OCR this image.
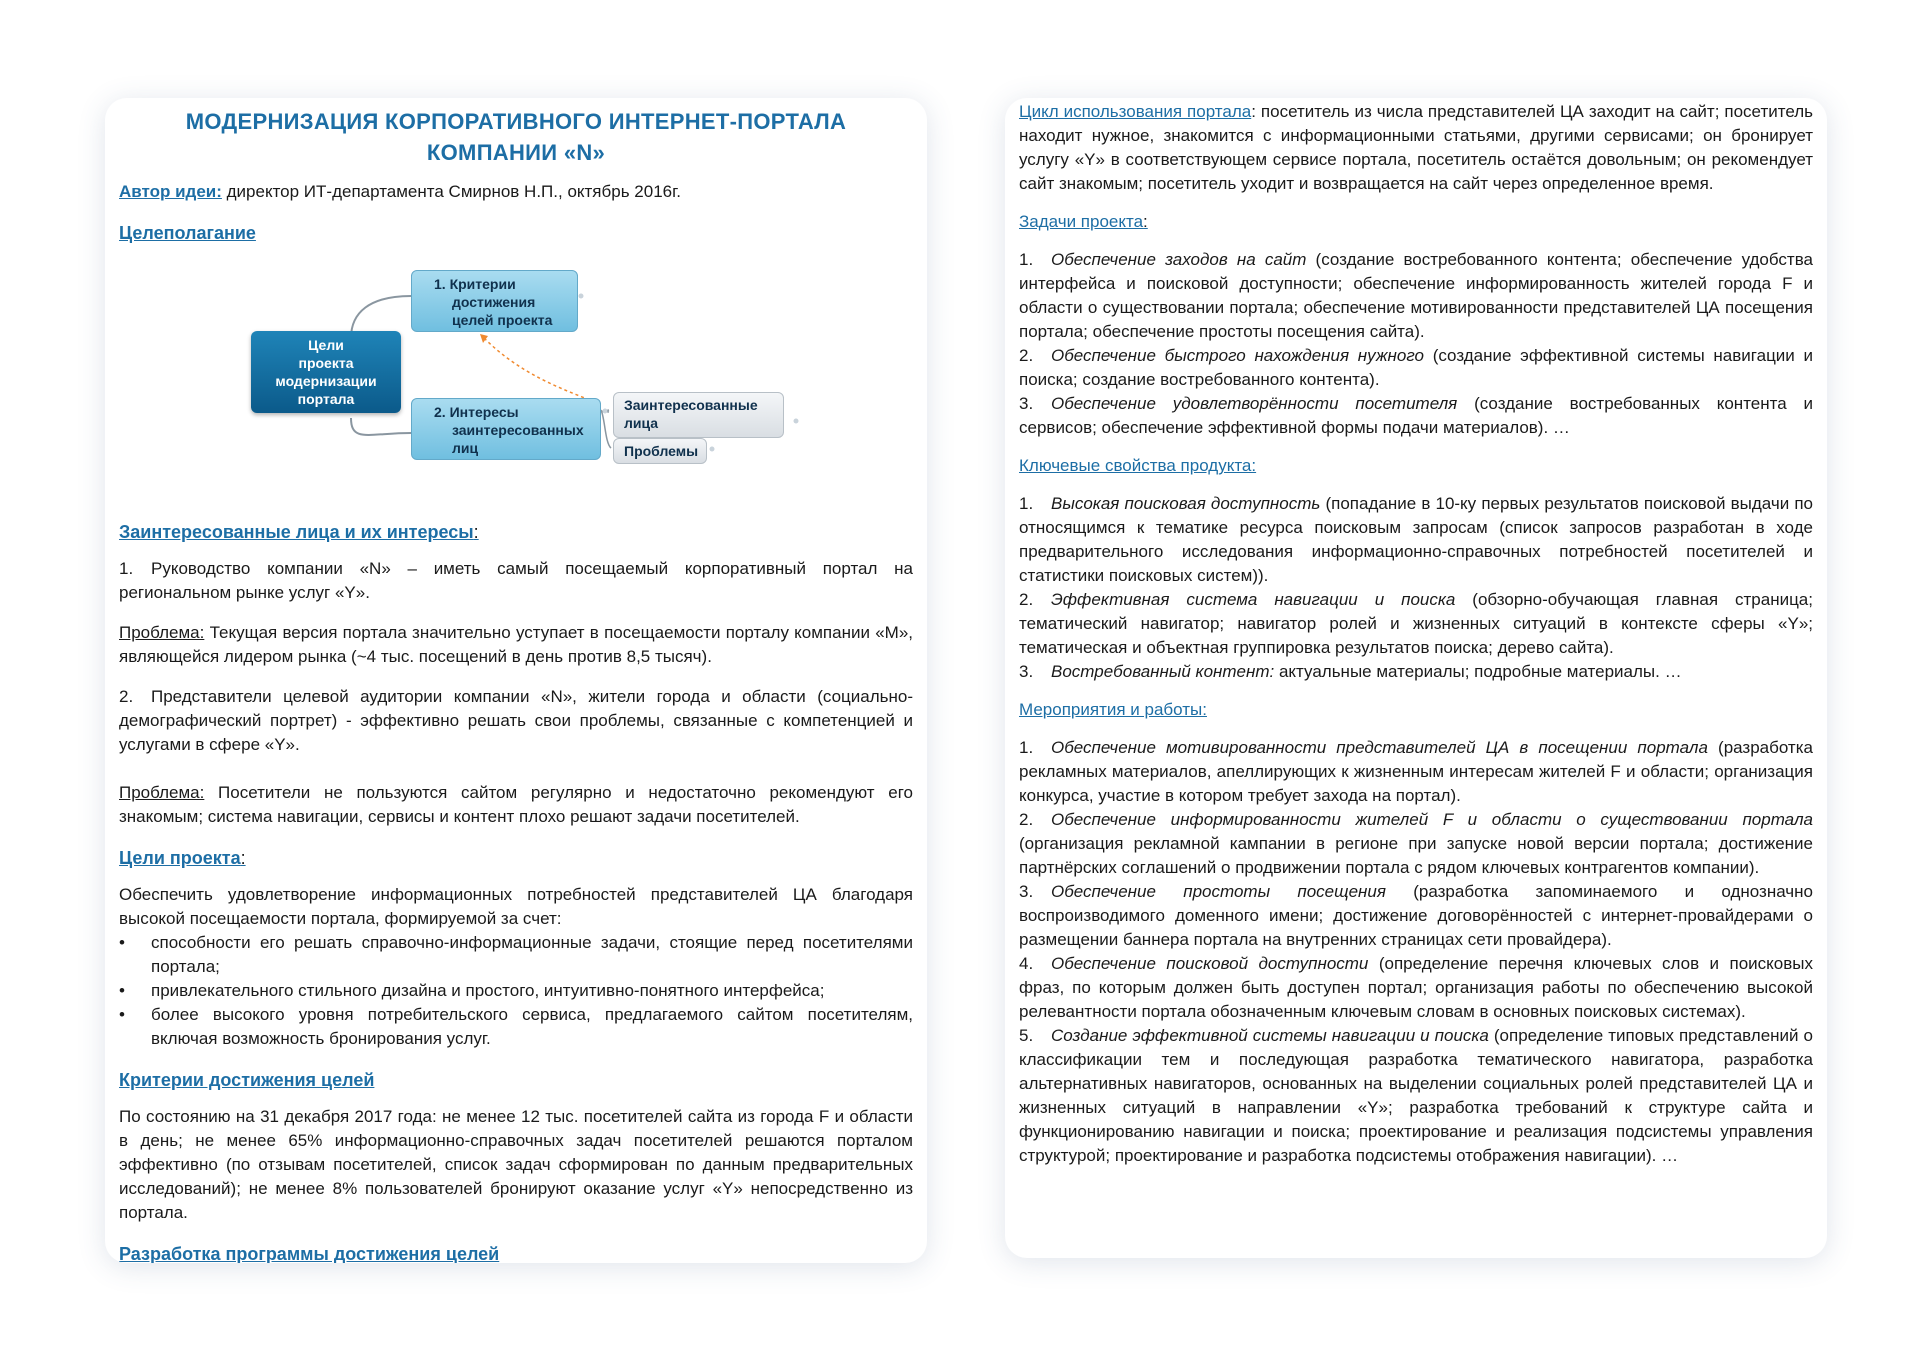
МОДЕРНИЗАЦИЯ КОРПОРАТИВНОГО ИНТЕРНЕТ-ПОРТАЛА
КОМПАНИИ «N»

Автор идеи: директор ИТ-департамента Смирнов Н.П., октябрь 2016г.

Целеполагание
Цели
проекта
модернизации
портала
1. Критерии
достижения
целей проекта
2. Интересы
заинтересованных
лиц
Заинтересованные
лица
Проблемы
Заинтересованные лица и их интересы:

1. Руководство компании «N» – иметь самый посещаемый корпоративный портал на региональном рынке услуг «Y».

Проблема: Текущая версия портала значительно уступает в посещаемости порталу компании «M», являющейся лидером рынка (~4 тыс. посещений в день против 8,5 тысяч).

2. Представители целевой аудитории компании «N», жители города и области (социально-демографический портрет) - эффективно решать свои проблемы, связанные с компетенцией и услугами в сфере «Y».

Проблема: Посетители не пользуются сайтом регулярно и недостаточно рекомендуют его знакомым; система навигации, сервисы и контент плохо решают задачи посетителей.

Цели проекта:

Обеспечить удовлетворение информационных потребностей представителей ЦА благодаря высокой посещаемости портала, формируемой за счет:

•	способности его решать справочно-информационные задачи, стоящие перед посетителями портала;
•	привлекательного стильного дизайна и простого, интуитивно-понятного интерфейса;
•	более высокого уровня потребительского сервиса, предлагаемого сайтом посетителям, включая возможность бронирования услуг.
Критерии достижения целей

По состоянию на 31 декабря 2017 года: не менее 12 тыс. посетителей сайта из города F и области в день; не менее 65% информационно-справочных задач посетителей решаются порталом эффективно (по отзывам посетителей, список задач сформирован по данным предварительных исследований); не менее 8% пользователей бронируют оказание услуг «Y» непосредственно из портала.

Разработка программы достижения целей

Цикл использования портала: посетитель из числа представителей ЦА заходит на сайт; посетитель находит нужное, знакомится с информационными статьями, другими сервисами; он бронирует услугу «Y» в соответствующем сервисе портала, посетитель остаётся довольным; он рекомендует сайт знакомым; посетитель уходит и возвращается на сайт через определенное время.

Задачи проекта:

1. Обеспечение заходов на сайт (создание востребованного контента; обеспечение удобства интерфейса и поисковой доступности; обеспечение информированность жителей города F и области о существовании портала; обеспечение мотивированности представителей ЦА посещения портала; обеспечение простоты посещения сайта).

2. Обеспечение быстрого нахождения нужного (создание эффективной системы навигации и поиска; создание востребованного контента).

3. Обеспечение удовлетворённости посетителя (создание востребованных контента и сервисов; обеспечение эффективной формы подачи материалов). …

Ключевые свойства продукта:

1. Высокая поисковая доступность (попадание в 10-ку первых результатов поисковой выдачи по относящимся к тематике ресурса поисковым запросам (список запросов разработан в ходе предварительного исследования информационно-справочных потребностей посетителей и статистики поисковых систем)).

2. Эффективная система навигации и поиска (обзорно-обучающая главная страница; тематический навигатор; навигатор ролей и жизненных ситуаций в контексте сферы «Y»; тематическая и объектная группировка результатов поиска; дерево сайта).

3. Востребованный контент: актуальные материалы; подробные материалы. …

Мероприятия и работы:

1. Обеспечение мотивированности представителей ЦА в посещении портала (разработка рекламных материалов, апеллирующих к жизненным интересам жителей F и области; организация конкурса, участие в котором требует захода на портал).

2. Обеспечение информированности жителей F и области о существовании портала (организация рекламной кампании в регионе при запуске новой версии портала; достижение партнёрских соглашений о продвижении портала с рядом ключевых контрагентов компании).

3. Обеспечение простоты посещения (разработка запоминаемого и однозначно воспроизводимого доменного имени; достижение договорённостей с интернет-провайдерами о размещении баннера портала на внутренних страницах сети провайдера).

4. Обеспечение поисковой доступности (определение перечня ключевых слов и поисковых фраз, по которым должен быть доступен портал; организация работы по обеспечению высокой релевантности портала обозначенным ключевым словам в основных поисковых системах).

5. Создание эффективной системы навигации и поиска (определение типовых представлений о классификации тем и последующая разработка тематического навигатора, разработка альтернативных навигаторов, основанных на выделении социальных ролей представителей ЦА и жизненных ситуаций в направлении «Y»; разработка требований к структуре сайта и функционированию навигации и поиска; проектирование и реализация подсистемы управления структурой; проектирование и разработка подсистемы отображения навигации). …
